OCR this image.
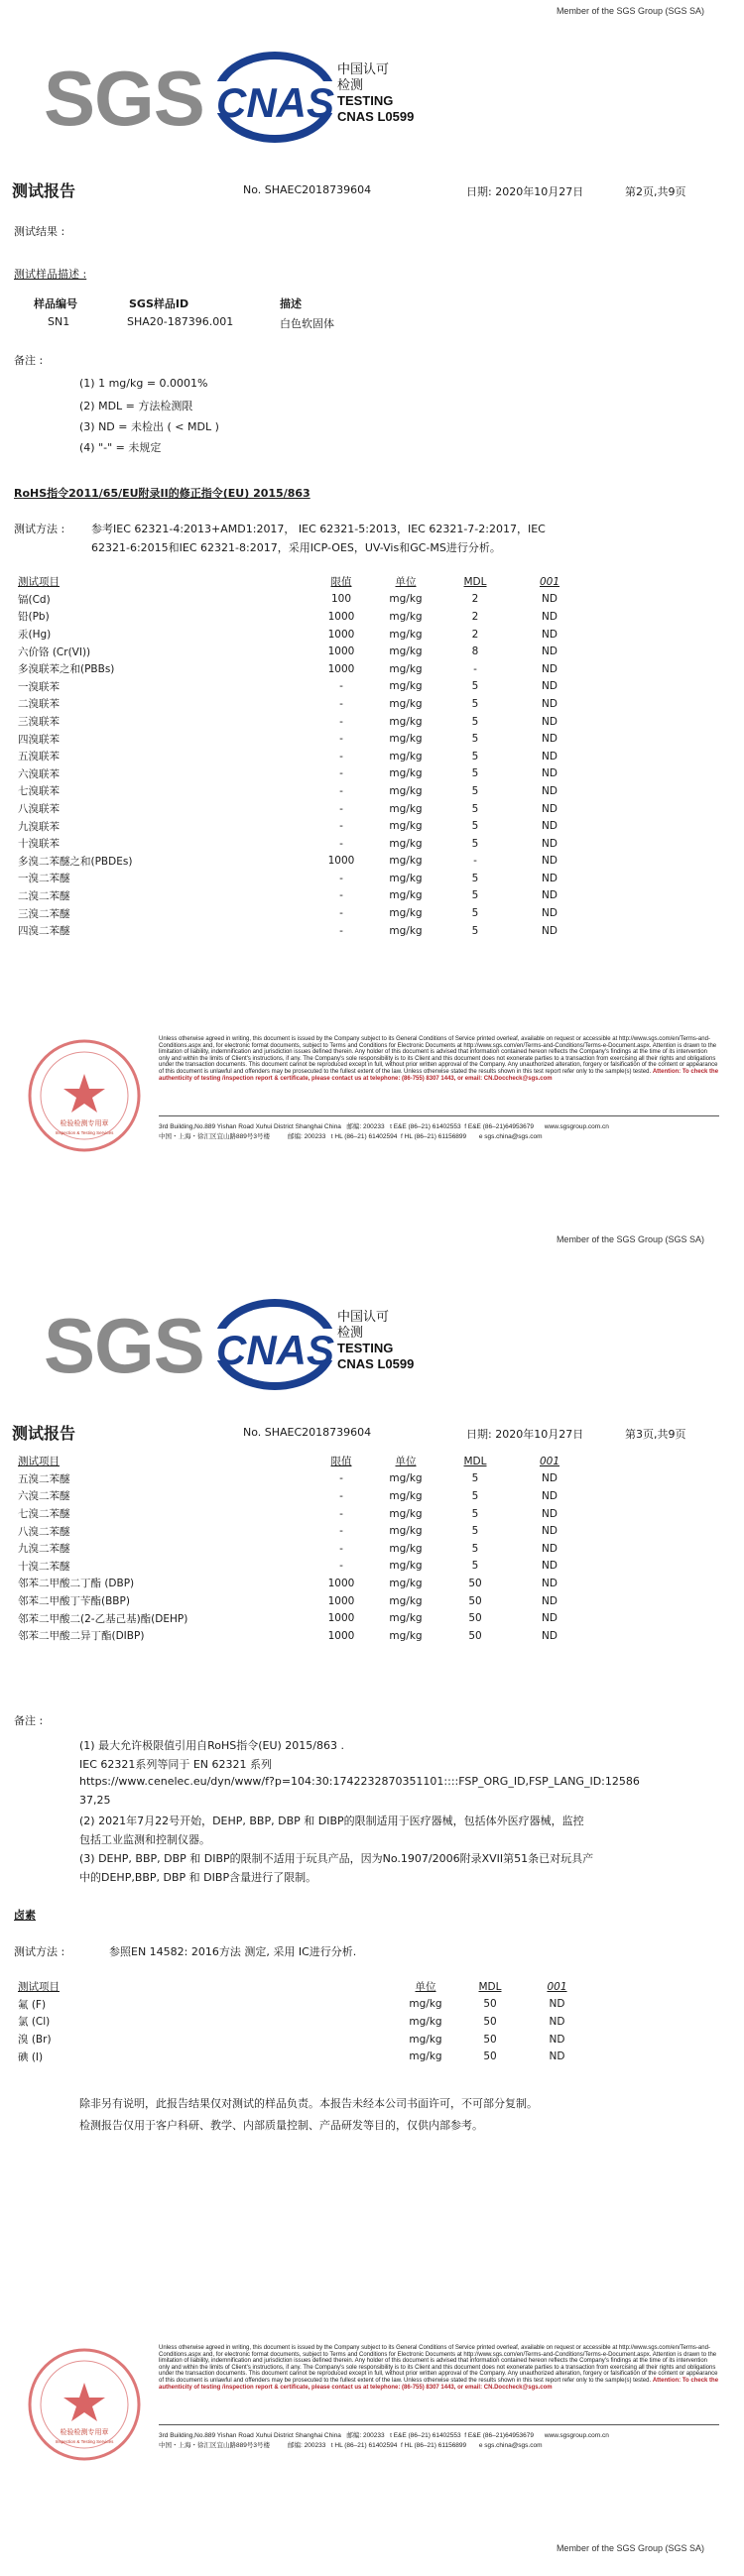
Member of the SGS Group (SGS SA)
SGS CNAS
中国认可
检测
TESTING
CNAS L0599
测试报告	No. SHAEC2018739604	日期: 2020年10月27日	第2页,共9页
测试结果 :
测试样品描述 :
样品编号	SGS样品ID	描述
SN1	SHA20-187396.001	白色软固体
备注 :
(1) 1 mg/kg = 0.0001%
(2) MDL = 方法检测限
(3) ND = 未检出 ( < MDL )
(4) "-" = 未规定
RoHS指令2011/65/EU附录II的修正指令(EU) 2015/863
测试方法 : 参考IEC 62321-4:2013+AMD1:2017， IEC 62321-5:2013，IEC 62321-7-2:2017，IEC
62321-6:2015和IEC 62321-8:2017，采用ICP-OES，UV-Vis和GC-MS进行分析。
测试项目	限值	单位	MDL	001
镉(Cd)	100	mg/kg	2	ND
铅(Pb)	1000	mg/kg	2	ND
汞(Hg)	1000	mg/kg	2	ND
六价铬 (Cr(VI))	1000	mg/kg	8	ND
多溴联苯之和(PBBs)	1000	mg/kg	-	ND
一溴联苯	-	mg/kg	5	ND
二溴联苯	-	mg/kg	5	ND
三溴联苯	-	mg/kg	5	ND
四溴联苯	-	mg/kg	5	ND
五溴联苯	-	mg/kg	5	ND
六溴联苯	-	mg/kg	5	ND
七溴联苯	-	mg/kg	5	ND
八溴联苯	-	mg/kg	5	ND
九溴联苯	-	mg/kg	5	ND
十溴联苯	-	mg/kg	5	ND
多溴二苯醚之和(PBDEs)	1000	mg/kg	-	ND
一溴二苯醚	-	mg/kg	5	ND
二溴二苯醚	-	mg/kg	5	ND
三溴二苯醚	-	mg/kg	5	ND
四溴二苯醚	-	mg/kg	5	ND
检验检测专用章
Inspection & Testing Services
Unless otherwise agreed in writing, this document is issued by the Company subject to its General Conditions of Service printed overleaf, available on request or accessible at http://www.sgs.com/en/Terms-and-Conditions.aspx and, for electronic format documents, subject to Terms and Conditions for Electronic Documents at http://www.sgs.com/en/Terms-and-Conditions/Terms-e-Document.aspx. Attention is drawn to the limitation of liability, indemnification and jurisdiction issues defined therein. Any holder of this document is advised that information contained hereon reflects the Company's findings at the time of its intervention only and within the limits of Client's instructions, if any. The Company's sole responsibility is to its Client and this document does not exonerate parties to a transaction from exercising all their rights and obligations under the transaction documents. This document cannot be reproduced except in full, without prior written approval of the Company. Any unauthorized alteration, forgery or falsification of the content or appearance of this document is unlawful and offenders may be prosecuted to the fullest extent of the law. Unless otherwise stated the results shown in this test report refer only to the sample(s) tested. Attention: To check the authenticity of testing /inspection report & certificate, please contact us at telephone: (86-755) 8307 1443, or email: CN.Doccheck@sgs.com
3rd Building,No.889 Yishan Road Xuhui District Shanghai China 邮编: 200233 t E&E (86–21) 61402553 f E&E (86–21)64953679 www.sgsgroup.com.cn
中国・上海・徐汇区宜山路889号3号楼	邮编: 200233 t HL (86–21) 61402594 f HL (86–21) 61156899 e sgs.china@sgs.com
Member of the SGS Group (SGS SA)
SGS CNAS
中国认可
检测
TESTING
CNAS L0599
测试报告	No. SHAEC2018739604	日期: 2020年10月27日	第3页,共9页
测试项目	限值	单位	MDL	001
五溴二苯醚	-	mg/kg	5	ND
六溴二苯醚	-	mg/kg	5	ND
七溴二苯醚	-	mg/kg	5	ND
八溴二苯醚	-	mg/kg	5	ND
九溴二苯醚	-	mg/kg	5	ND
十溴二苯醚	-	mg/kg	5	ND
邻苯二甲酸二丁酯 (DBP)	1000	mg/kg	50	ND
邻苯二甲酸丁苄酯(BBP)	1000	mg/kg	50	ND
邻苯二甲酸二(2-乙基己基)酯(DEHP)	1000	mg/kg	50	ND
邻苯二甲酸二异丁酯(DIBP)	1000	mg/kg	50	ND
备注 :
(1) 最大允许极限值引用自RoHS指令(EU) 2015/863 .
IEC 62321系列等同于 EN 62321 系列
https://www.cenelec.eu/dyn/www/f?p=104:30:1742232870351101::::FSP_ORG_ID,FSP_LANG_ID:12586
37,25
(2) 2021年7月22号开始，DEHP, BBP, DBP 和 DIBP的限制适用于医疗器械，包括体外医疗器械，监控
包括工业监测和控制仪器。
(3) DEHP, BBP, DBP 和 DIBP的限制不适用于玩具产品，因为No.1907/2006附录XVII第51条已对玩具产
中的DEHP,BBP, DBP 和 DIBP含量进行了限制。
卤素
测试方法 :	参照EN 14582: 2016方法 测定, 采用 IC进行分析.
测试项目	单位	MDL	001
氟 (F)	mg/kg	50	ND
氯 (Cl)	mg/kg	50	ND
溴 (Br)	mg/kg	50	ND
碘 (I)	mg/kg	50	ND
除非另有说明，此报告结果仅对测试的样品负责。本报告未经本公司书面许可，不可部分复制。
检测报告仅用于客户科研、教学、内部质量控制、产品研发等目的，仅供内部参考。
检验检测专用章
Inspection & Testing Services
Unless otherwise agreed in writing, this document is issued by the Company subject to its General Conditions of Service printed overleaf, available on request or accessible at http://www.sgs.com/en/Terms-and-Conditions.aspx and, for electronic format documents, subject to Terms and Conditions for Electronic Documents at http://www.sgs.com/en/Terms-and-Conditions/Terms-e-Document.aspx. Attention is drawn to the limitation of liability, indemnification and jurisdiction issues defined therein. Any holder of this document is advised that information contained hereon reflects the Company's findings at the time of its intervention only and within the limits of Client's instructions, if any. The Company's sole responsibility is to its Client and this document does not exonerate parties to a transaction from exercising all their rights and obligations under the transaction documents. This document cannot be reproduced except in full, without prior written approval of the Company. Any unauthorized alteration, forgery or falsification of the content or appearance of this document is unlawful and offenders may be prosecuted to the fullest extent of the law. Unless otherwise stated the results shown in this test report refer only to the sample(s) tested. Attention: To check the authenticity of testing /inspection report & certificate, please contact us at telephone: (86-755) 8307 1443, or email: CN.Doccheck@sgs.com
3rd Building,No.889 Yishan Road Xuhui District Shanghai China 邮编: 200233 t E&E (86–21) 61402553 f E&E (86–21)64953679 www.sgsgroup.com.cn
中国・上海・徐汇区宜山路889号3号楼	邮编: 200233 t HL (86–21) 61402594 f HL (86–21) 61156899 e sgs.china@sgs.com
Member of the SGS Group (SGS SA)
